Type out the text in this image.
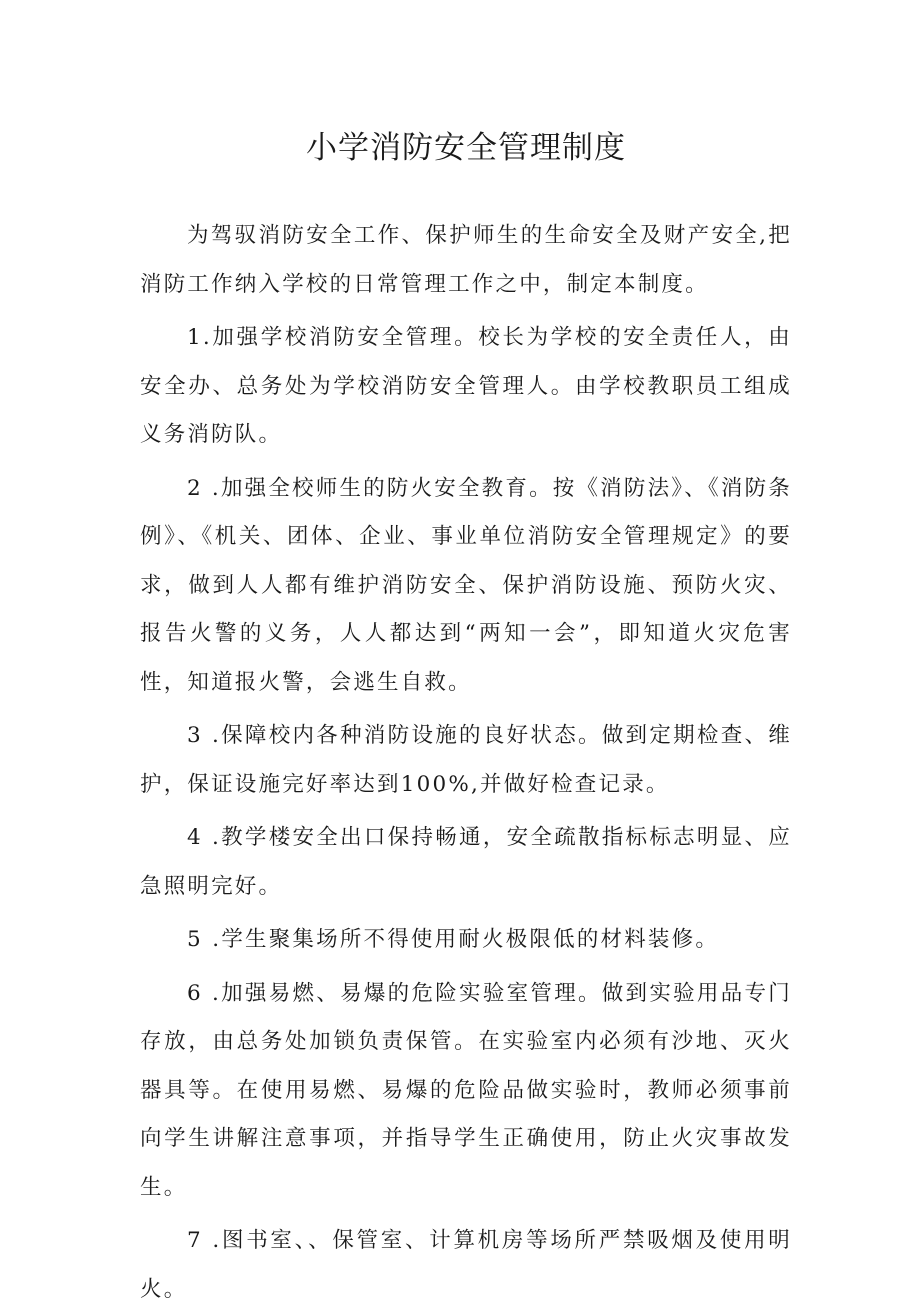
小学消防安全管理制度

为驾驭消防安全工作、保护师生的生命安全及财产安全,把消防工作纳入学校的日常管理工作之中，制定本制度。

1.加强学校消防安全管理。校长为学校的安全责任人，由安全办、总务处为学校消防安全管理人。由学校教职员工组成义务消防队。

2 .加强全校师生的防火安全教育。按《消防法》、《消防条例》、《机关、团体、企业、事业单位消防安全管理规定》的要求，做到人人都有维护消防安全、保护消防设施、预防火灾、报告火警的义务，人人都达到“两知一会”，即知道火灾危害性，知道报火警，会逃生自救。

3 .保障校内各种消防设施的良好状态。做到定期检查、维护，保证设施完好率达到100%,并做好检查记录。

4 .教学楼安全出口保持畅通，安全疏散指标标志明显、应急照明完好。

5	.学生聚集场所不得使用耐火极限低的材料装修。

6 .加强易燃、易爆的危险实验室管理。做到实验用品专门存放，由总务处加锁负责保管。在实验室内必须有沙地、灭火器具等。在使用易燃、易爆的危险品做实验时，教师必须事前向学生讲解注意事项，并指导学生正确使用，防止火灾事故发生。

7 .图书室、、保管室、计算机房等场所严禁吸烟及使用明火。
